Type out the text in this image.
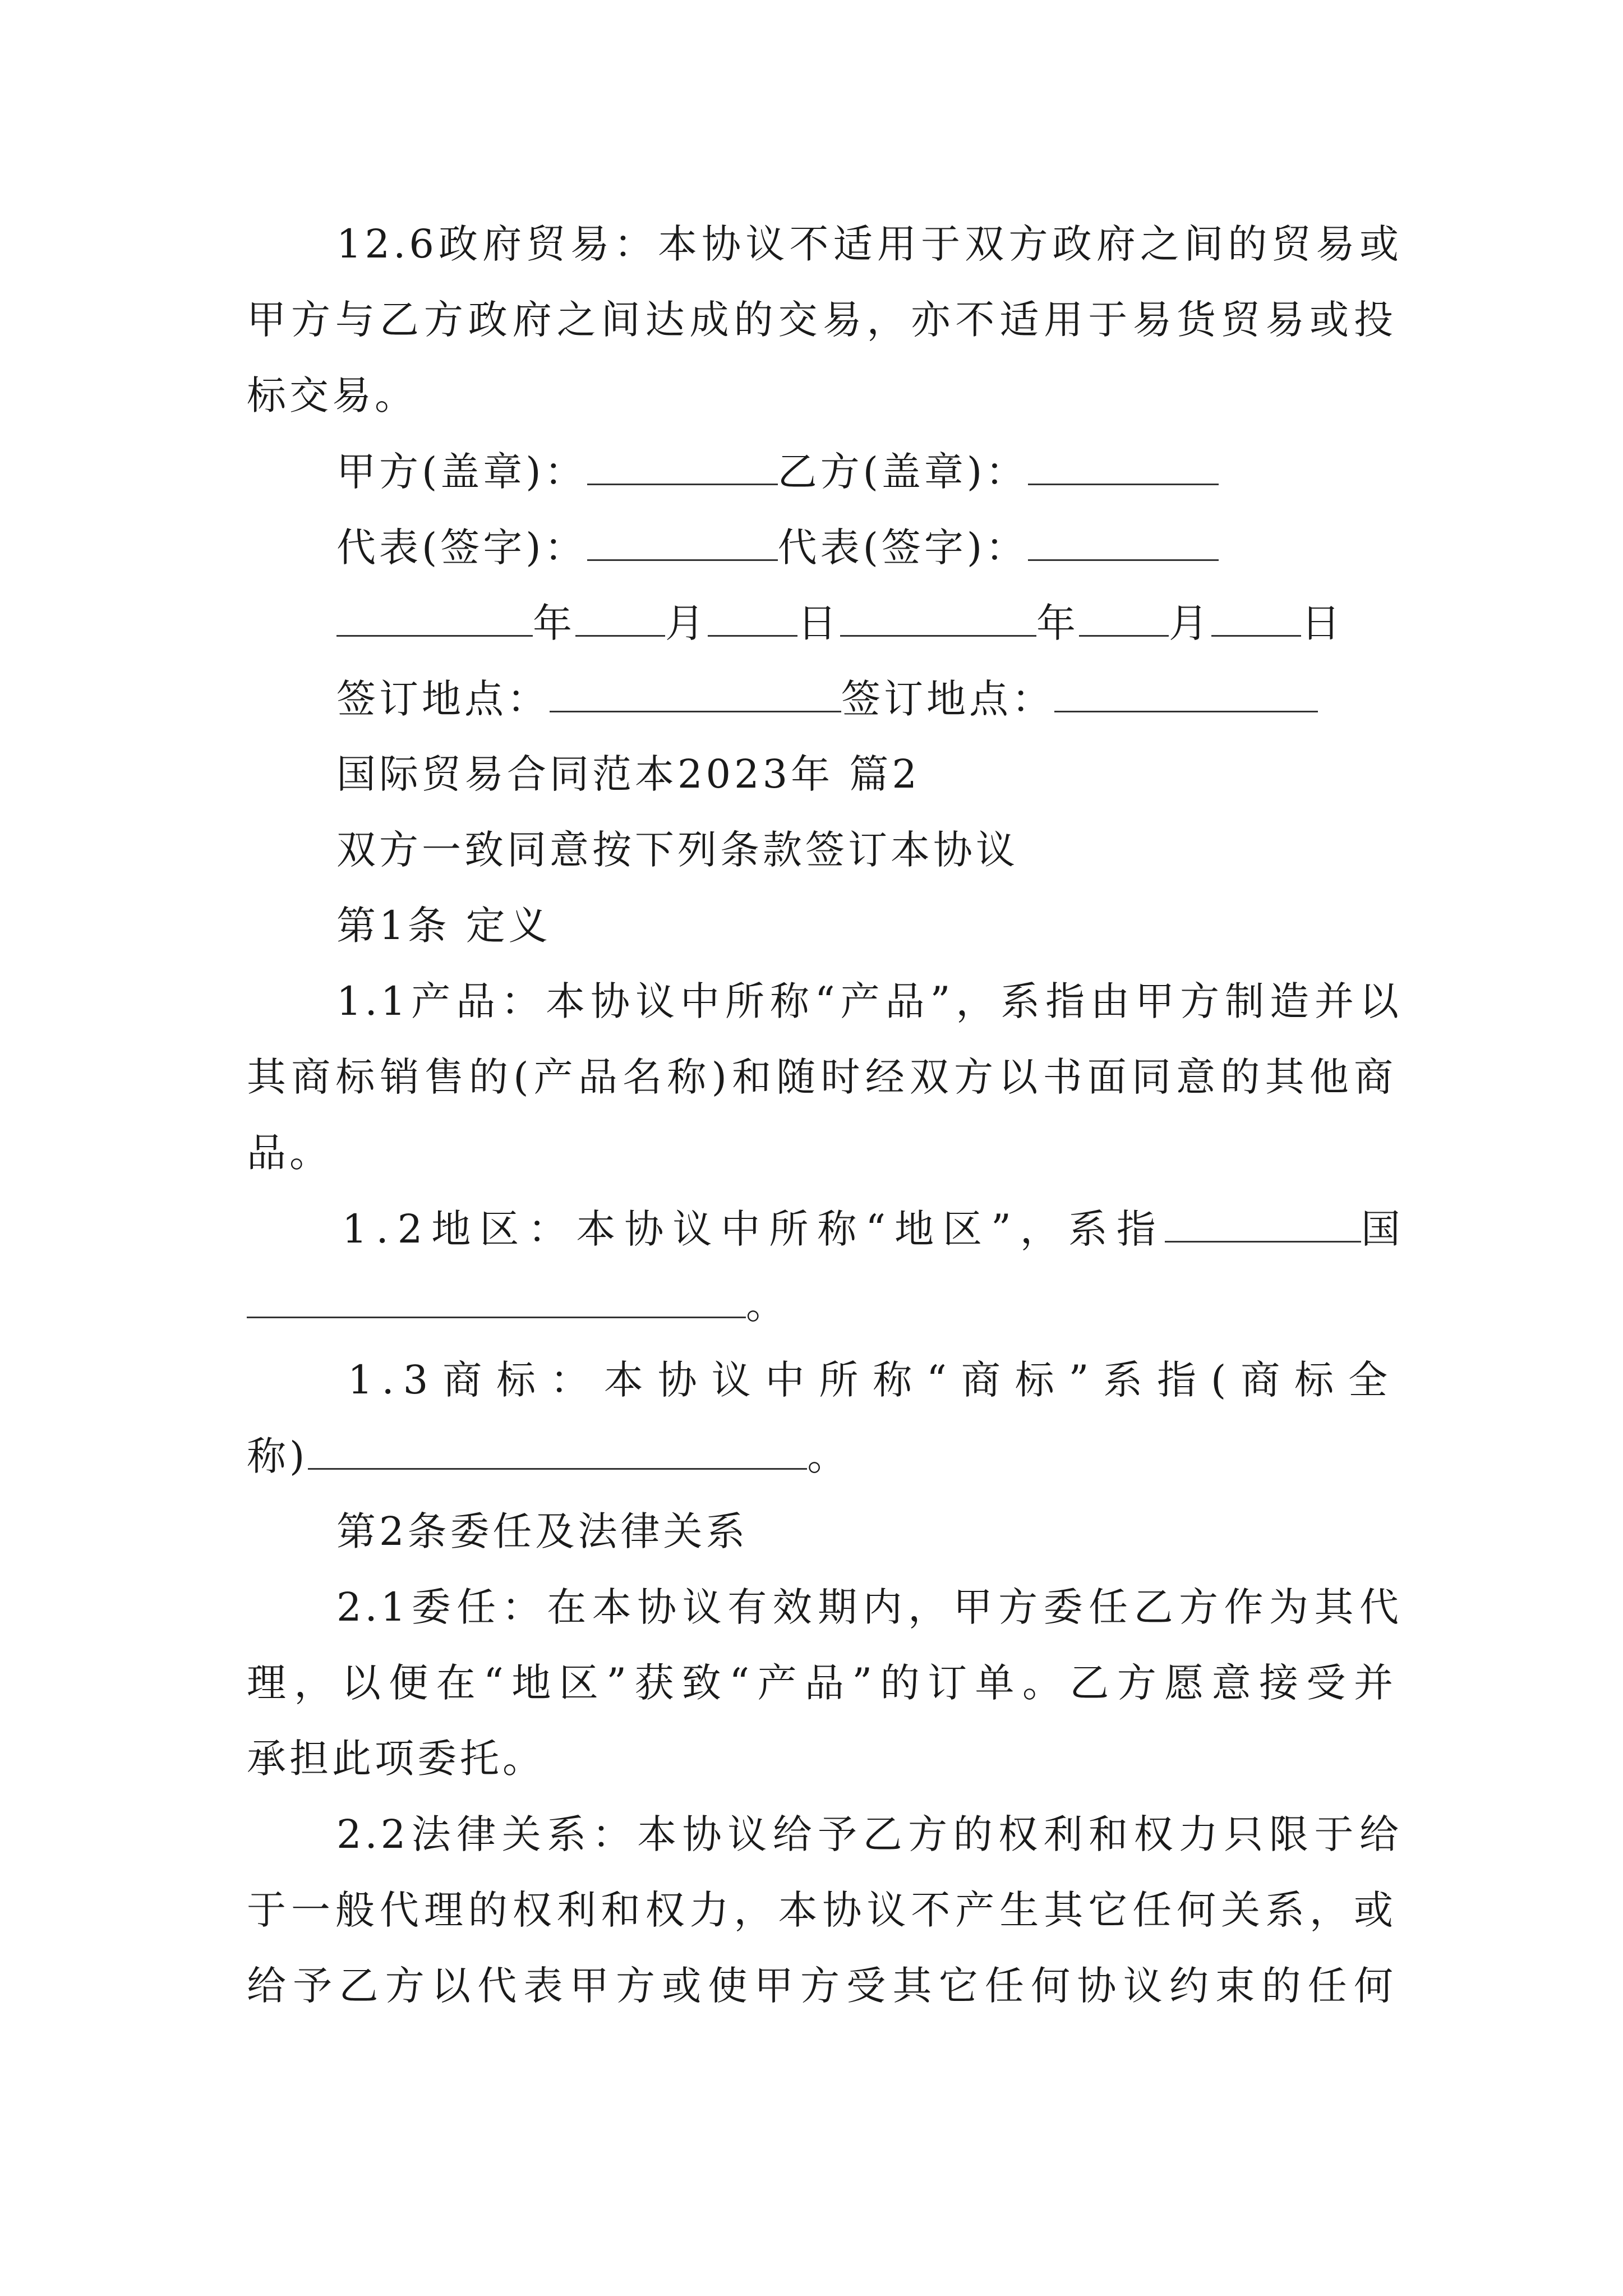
12.6政府贸易：本协议不适用于双方政府之间的贸易或
甲方与乙方政府之间达成的交易，亦不适用于易货贸易或投
标交易。
甲方(盖章)：	乙方(盖章)：
代表(签字)：	代表(签字)：
年 月 日	年 月 日
签订地点：	签订地点：
国际贸易合同范本2023年 篇2
双方一致同意按下列条款签订本协议
第1条 定义
1.1产品：本协议中所称“产品”，系指由甲方制造并以
其商标销售的(产品名称)和随时经双方以书面同意的其他商
品。
1.2地区：本协议中所称“地区”，系指	国
。
1.3商标：本协议中所称“商标”系指(商标全
称)	。
第2条委任及法律关系
2.1委任：在本协议有效期内，甲方委任乙方作为其代
理，以便在“地区”获致“产品”的订单。乙方愿意接受并
承担此项委托。
2.2法律关系：本协议给予乙方的权利和权力只限于给
于一般代理的权利和权力，本协议不产生其它任何关系，或
给予乙方以代表甲方或使甲方受其它任何协议约束的任何
